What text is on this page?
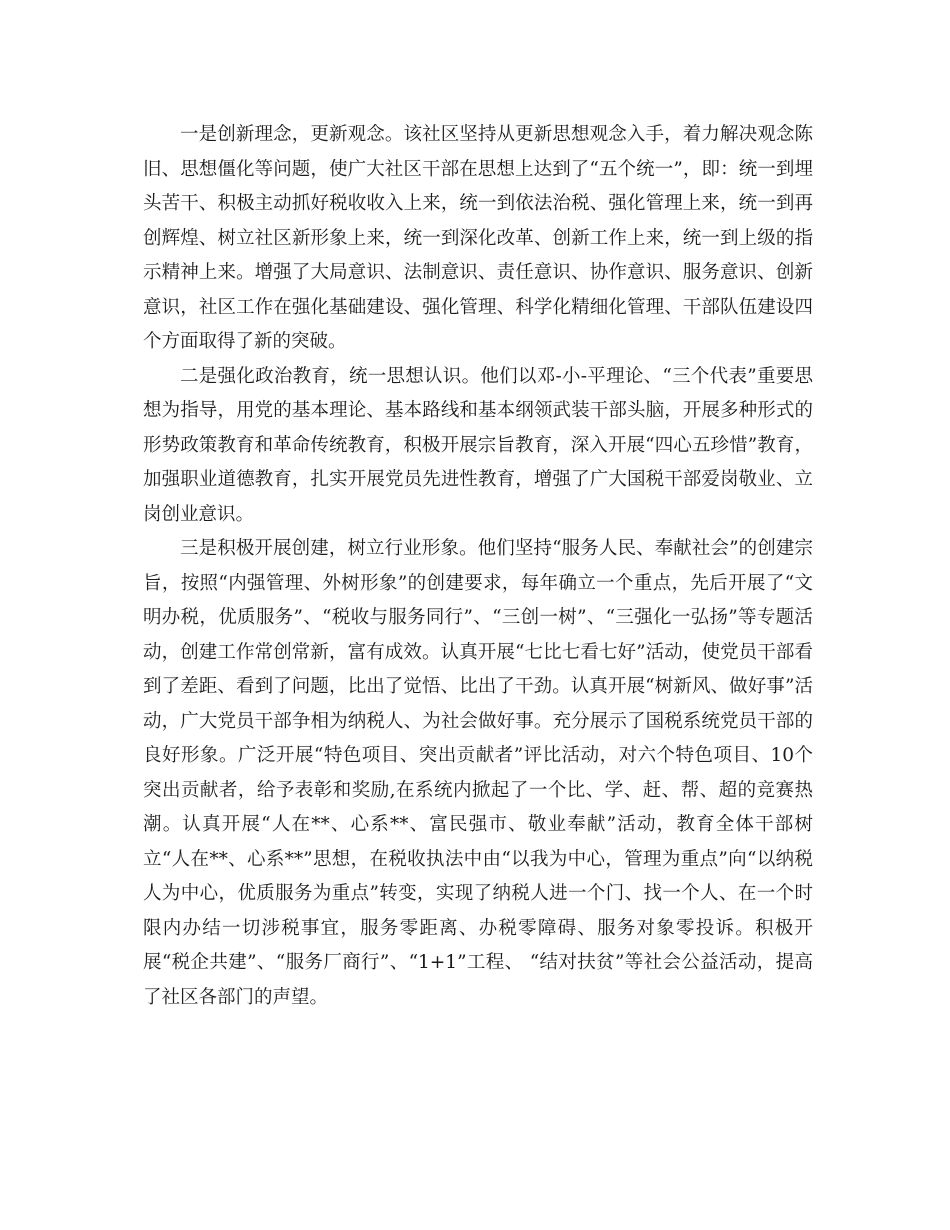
一是创新理念，更新观念。该社区坚持从更新思想观念入手，着力解决观念陈旧、思想僵化等问题，使广大社区干部在思想上达到了“五个统一”，即：统一到埋头苦干、积极主动抓好税收收入上来，统一到依法治税、强化管理上来，统一到再创辉煌、树立社区新形象上来，统一到深化改革、创新工作上来，统一到上级的指示精神上来。增强了大局意识、法制意识、责任意识、协作意识、服务意识、创新意识，社区工作在强化基础建设、强化管理、科学化精细化管理、干部队伍建设四个方面取得了新的突破。

二是强化政治教育，统一思想认识。他们以邓-小-平理论、“三个代表”重要思想为指导，用党的基本理论、基本路线和基本纲领武装干部头脑，开展多种形式的形势政策教育和革命传统教育，积极开展宗旨教育，深入开展“四心五珍惜”教育，加强职业道德教育，扎实开展党员先进性教育，增强了广大国税干部爱岗敬业、立岗创业意识。

三是积极开展创建，树立行业形象。他们坚持“服务人民、奉献社会”的创建宗旨，按照“内强管理、外树形象”的创建要求，每年确立一个重点，先后开展了“文明办税，优质服务”、“税收与服务同行”、“三创一树”、“三强化一弘扬”等专题活动，创建工作常创常新，富有成效。认真开展“七比七看七好”活动，使党员干部看到了差距、看到了问题，比出了觉悟、比出了干劲。认真开展“树新风、做好事”活动，广大党员干部争相为纳税人、为社会做好事。充分展示了国税系统党员干部的良好形象。广泛开展“特色项目、突出贡献者”评比活动，对六个特色项目、10个突出贡献者，给予表彰和奖励,在系统内掀起了一个比、学、赶、帮、超的竞赛热潮。认真开展“人在**、心系**、富民强市、敬业奉献”活动，教育全体干部树立“人在**、心系**”思想，在税收执法中由“以我为中心，管理为重点”向“以纳税人为中心，优质服务为重点”转变，实现了纳税人进一个门、找一个人、在一个时限内办结一切涉税事宜，服务零距离、办税零障碍、服务对象零投诉。积极开展“税企共建”、“服务厂商行”、“1+1”工程、 “结对扶贫”等社会公益活动，提高了社区各部门的声望。
